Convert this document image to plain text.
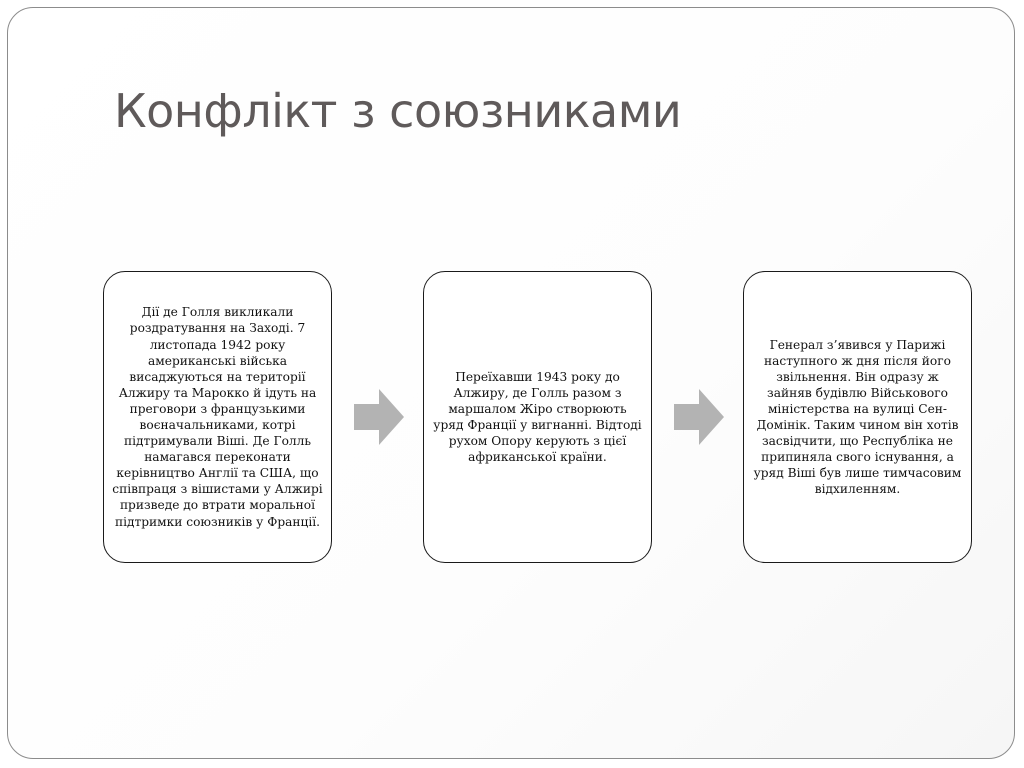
Конфлікт з союзниками

Дії де Голля викликали роздратування на Заході. 7 листопада 1942 року американські війська висаджуються на території Алжиру та Марокко й ідуть на преговори з французькими воєначальниками, котрі підтримували Віші. Де Голль намагався переконати керівництво Англії та США, що співпраця з вішистами у Алжирі призведе до втрати моральної підтримки союзників у Франції.

Переїхавши 1943 року до Алжиру, де Голль разом з маршалом Жіро створюють уряд Франції у вигнанні. Відтоді рухом Опору керують з цієї африканської країни.

Генерал з’явився у Парижі наступного ж дня після його звільнення. Він одразу ж зайняв будівлю Військового міністерства на вулиці Сен-Домінік. Таким чином він хотів засвідчити, що Республіка не припиняла свого існування, а уряд Віші був лише тимчасовим відхиленням.
